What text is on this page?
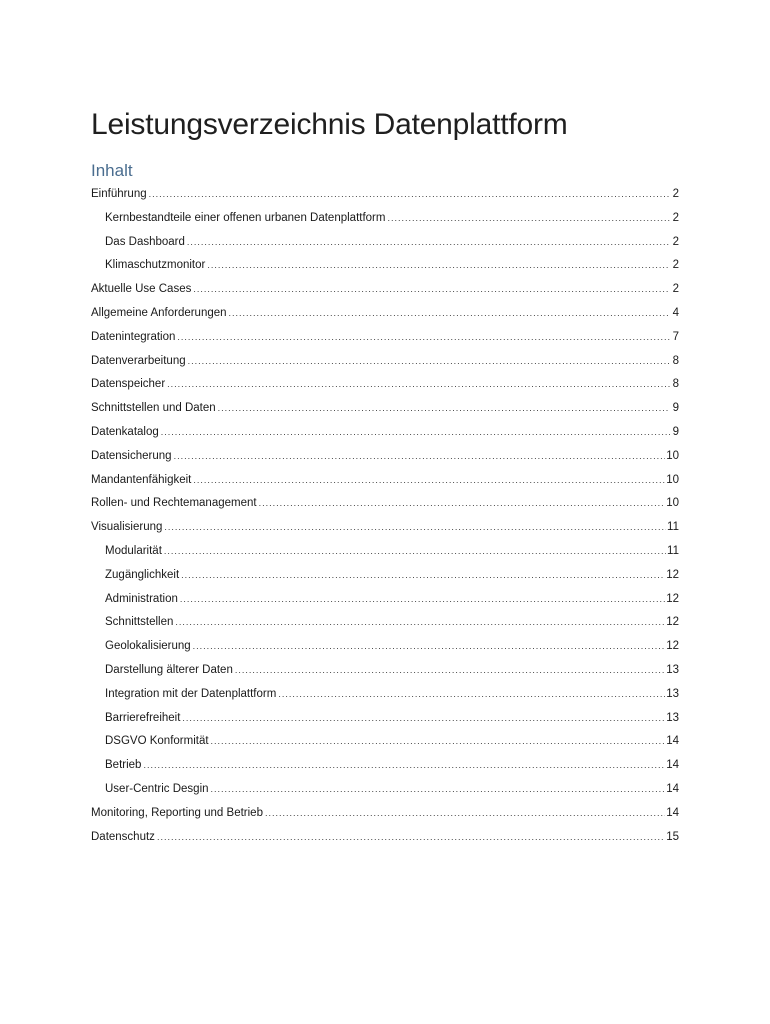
Leistungsverzeichnis Datenplattform
Inhalt
Einführung .....	2
Kernbestandteile einer offenen urbanen Datenplattform .....	2
Das Dashboard .....	2
Klimaschutzmonitor .....	2
Aktuelle Use Cases .....	2
Allgemeine Anforderungen .....	4
Datenintegration .....	7
Datenverarbeitung .....	8
Datenspeicher .....	8
Schnittstellen und Daten .....	9
Datenkatalog .....	9
Datensicherung .....	10
Mandantenfähigkeit .....	10
Rollen- und Rechtemanagement .....	10
Visualisierung .....	11
Modularität .....	11
Zugänglichkeit .....	12
Administration .....	12
Schnittstellen .....	12
Geolokalisierung .....	12
Darstellung älterer Daten .....	13
Integration mit der Datenplattform .....	13
Barrierefreiheit .....	13
DSGVO Konformität .....	14
Betrieb .....	14
User-Centric Desgin .....	14
Monitoring, Reporting und Betrieb .....	14
Datenschutz .....	15
